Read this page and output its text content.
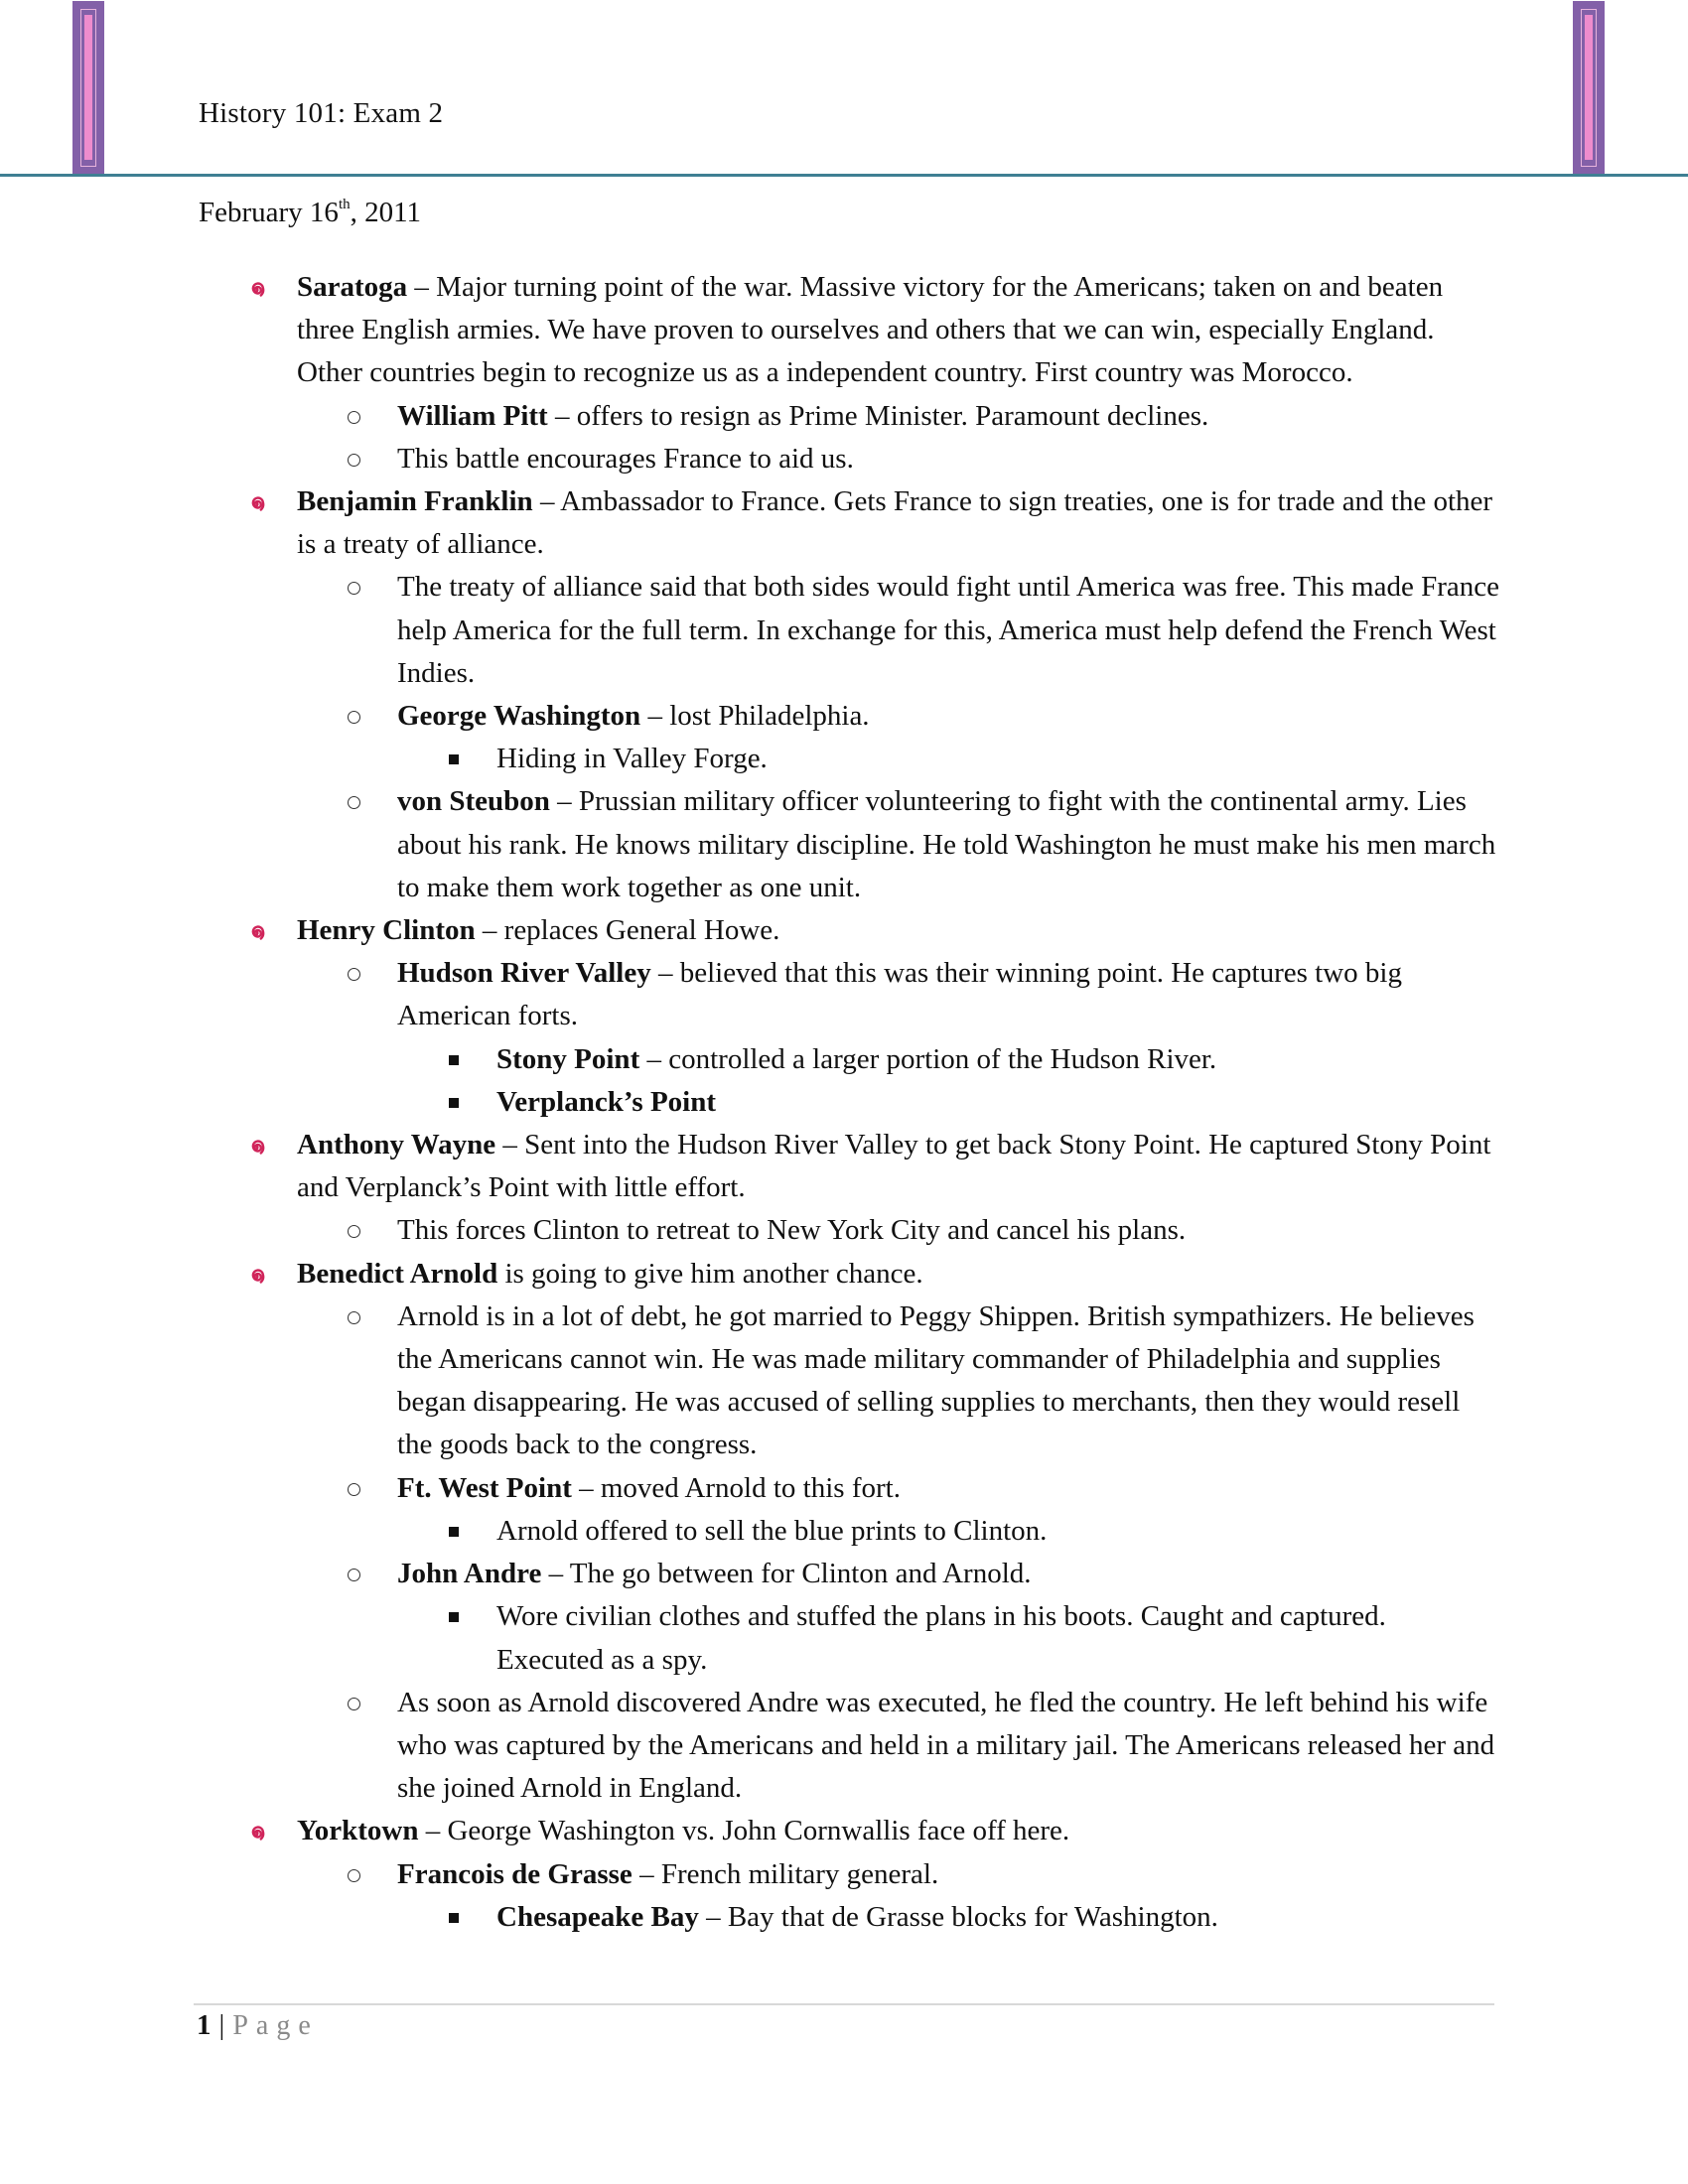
History 101: Exam 2
February 16th, 2011
Saratoga – Major turning point of the war. Massive victory for the Americans; taken on and beaten three English armies. We have proven to ourselves and others that we can win, especially England. Other countries begin to recognize us as a independent country. First country was Morocco.
William Pitt – offers to resign as Prime Minister. Paramount declines.
This battle encourages France to aid us.
Benjamin Franklin – Ambassador to France. Gets France to sign treaties, one is for trade and the other is a treaty of alliance.
The treaty of alliance said that both sides would fight until America was free. This made France help America for the full term. In exchange for this, America must help defend the French West Indies.
George Washington – lost Philadelphia.
Hiding in Valley Forge.
von Steubon – Prussian military officer volunteering to fight with the continental army. Lies about his rank. He knows military discipline. He told Washington he must make his men march to make them work together as one unit.
Henry Clinton – replaces General Howe.
Hudson River Valley – believed that this was their winning point. He captures two big American forts.
Stony Point – controlled a larger portion of the Hudson River.
Verplanck’s Point
Anthony Wayne – Sent into the Hudson River Valley to get back Stony Point. He captured Stony Point and Verplanck’s Point with little effort.
This forces Clinton to retreat to New York City and cancel his plans.
Benedict Arnold is going to give him another chance.
Arnold is in a lot of debt, he got married to Peggy Shippen. British sympathizers. He believes the Americans cannot win. He was made military commander of Philadelphia and supplies began disappearing. He was accused of selling supplies to merchants, then they would resell the goods back to the congress.
Ft. West Point – moved Arnold to this fort.
Arnold offered to sell the blue prints to Clinton.
John Andre – The go between for Clinton and Arnold.
Wore civilian clothes and stuffed the plans in his boots. Caught and captured. Executed as a spy.
As soon as Arnold discovered Andre was executed, he fled the country. He left behind his wife who was captured by the Americans and held in a military jail. The Americans released her and she joined Arnold in England.
Yorktown – George Washington vs. John Cornwallis face off here.
Francois de Grasse – French military general.
Chesapeake Bay – Bay that de Grasse blocks for Washington.
1 | Page
